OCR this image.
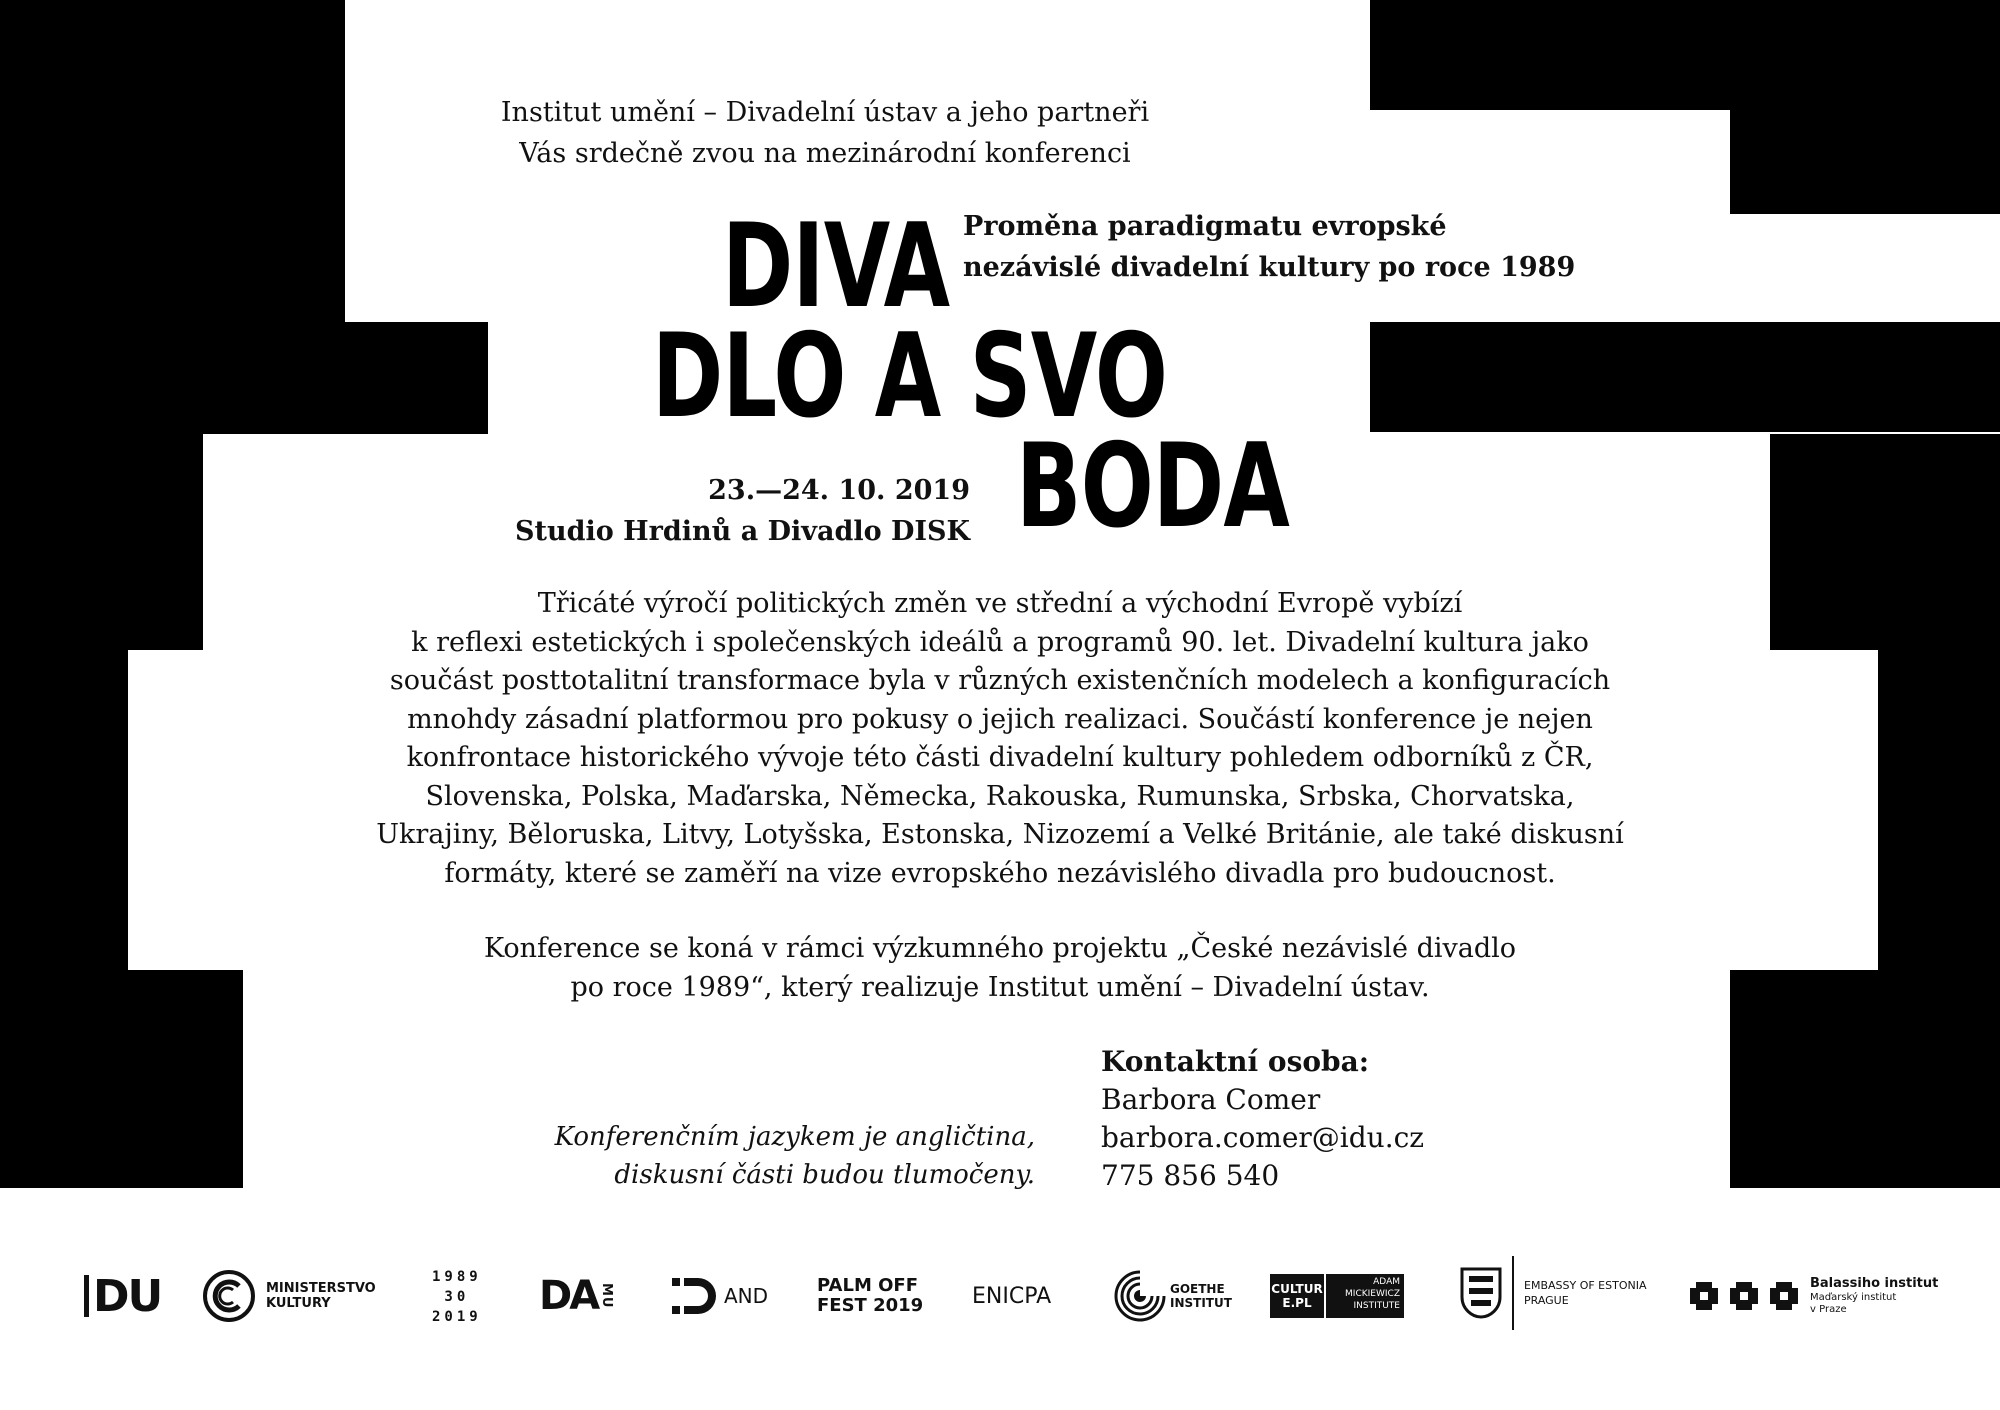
Institut umění – Divadelní ústav a jeho partneři
Vás srdečně zvou na mezinárodní konferenci
Proměna paradigmatu evropské
nezávislé divadelní kultury po roce 1989
DIVA
DLO A SVO
BODA
23.—24. 10. 2019
Studio Hrdinů a Divadlo DISK

Třicáté výročí politických změn ve střední a východní Evropě vybízí
k reflexi estetických i společenských ideálů a programů 90. let. Divadelní kultura jako
součást posttotalitní transformace byla v různých existenčních modelech a konfiguracích
mnohdy zásadní platformou pro pokusy o jejich realizaci. Součástí konference je nejen
konfrontace historického vývoje této části divadelní kultury pohledem odborníků z ČR,
Slovenska, Polska, Maďarska, Německa, Rakouska, Rumunska, Srbska, Chorvatska,
Ukrajiny, Běloruska, Litvy, Lotyšska, Estonska, Nizozemí a Velké Británie, ale také diskusní
formáty, které se zaměří na vize evropského nezávislého divadla pro budoucnost.

Konference se koná v rámci výzkumného projektu „České nezávislé divadlo
po roce 1989“, který realizuje Institut umění – Divadelní ústav.

Konferenčním jazykem je angličtina,
diskusní části budou tlumočeny.
Kontaktní osoba:
Barbora Comer
barbora.comer@idu.cz
775 856 540
DU	MINISTERSTVO
KULTURY
1989
30
2019 DA MU	AND	PALM OFF
FEST 2019 ENICPA	GOETHE
INSTITUT
CULTURE.PL
ADAM
MICKIEWICZ
INSTITUTE
EMBASSY OF ESTONIA
PRAGUE
Balassiho institut
Maďarský institut
v Praze
